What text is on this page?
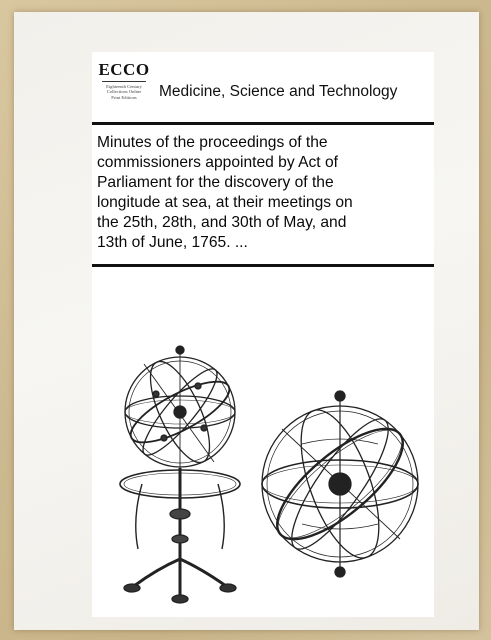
ECCO
Eighteenth Century
Collections Online
Print Editions	Medicine, Science and Technology
Minutes of the proceedings of the
commissioners appointed by Act of
Parliament for the discovery of the
longitude at sea, at their meetings on
the 25th, 28th, and 30th of May, and
13th of June, 1765. ...
